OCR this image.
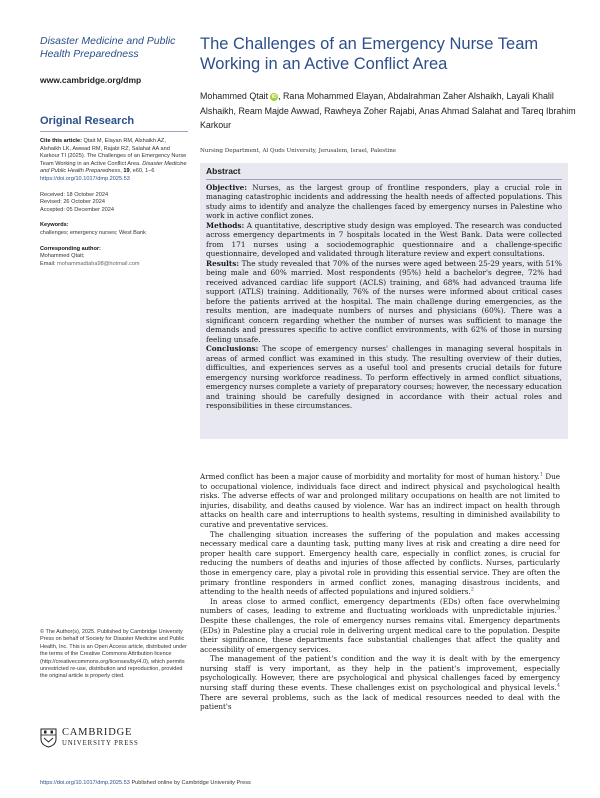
Disaster Medicine and Public Health Preparedness
www.cambridge.org/dmp
Original Research
Cite this article: Qtait M, Elayan RM, Alshaikh AZ, Alshaikh LK, Awwad RM, Rajabi RZ, Salahat AA and Karkour TI (2025). The Challenges of an Emergency Nurse Team Working in an Active Conflict Area. Disaster Medicine and Public Health Preparedness, 19, e60, 1–6
https://doi.org/10.1017/dmp.2025.53
Received: 18 October 2024
Revised: 26 October 2024
Accepted: 05 December 2024
Keywords:
challenges; emergency nurses; West Bank
Corresponding author:
Mohammed Qtait;
Email: mohammadtaha98@hotmail.com
© The Author(s), 2025. Published by Cambridge University Press on behalf of Society for Disaster Medicine and Public Health, Inc. This is an Open Access article, distributed under the terms of the Creative Commons Attribution licence (http://creativecommons.org/licenses/by/4.0), which permits unrestricted re-use, distribution and reproduction, provided the original article is properly cited.
CAMBRIDGE
UNIVERSITY PRESS
https://doi.org/10.1017/dmp.2025.53 Published online by Cambridge University Press
The Challenges of an Emergency Nurse Team Working in an Active Conflict Area
Mohammed Qtait iD , Rana Mohammed Elayan, Abdalrahman Zaher Alshaikh, Layali Khalil Alshaikh, Ream Majde Awwad, Rawheya Zoher Rajabi, Anas Ahmad Salahat and Tareq Ibrahim Karkour
Nursing Department, Al Quds University, Jerusalem, Israel, Palestine
Abstract

Objective: Nurses, as the largest group of frontline responders, play a crucial role in managing catastrophic incidents and addressing the health needs of affected populations. This study aims to identify and analyze the challenges faced by emergency nurses in Palestine who work in active conflict zones.

Methods: A quantitative, descriptive study design was employed. The research was conducted across emergency departments in 7 hospitals located in the West Bank. Data were collected from 171 nurses using a sociodemographic questionnaire and a challenge-specific questionnaire, developed and validated through literature review and expert consultations.

Results: The study revealed that 70% of the nurses were aged between 25-29 years, with 51% being male and 60% married. Most respondents (95%) held a bachelor's degree, 72% had received advanced cardiac life support (ACLS) training, and 68% had advanced trauma life support (ATLS) training. Additionally, 76% of the nurses were informed about critical cases before the patients arrived at the hospital. The main challenge during emergencies, as the results mention, are inadequate numbers of nurses and physicians (60%). There was a significant concern regarding whether the number of nurses was sufficient to manage the demands and pressures specific to active conflict environments, with 62% of those in nursing feeling unsafe.

Conclusions: The scope of emergency nurses' challenges in managing several hospitals in areas of armed conflict was examined in this study. The resulting overview of their duties, difficulties, and experiences serves as a useful tool and presents crucial details for future emergency nursing workforce readiness. To perform effectively in armed conflict situations, emergency nurses complete a variety of preparatory courses; however, the necessary education and training should be carefully designed in accordance with their actual roles and responsibilities in these circumstances.

Armed conflict has been a major cause of morbidity and mortality for most of human history.$^1$ Due to occupational violence, individuals face direct and indirect physical and psychological health risks. The adverse effects of war and prolonged military occupations on health are not limited to injuries, disability, and deaths caused by violence. War has an indirect impact on health through attacks on health care and interruptions to health systems, resulting in diminished availability to curative and preventative services.

The challenging situation increases the suffering of the population and makes accessing necessary medical care a daunting task, putting many lives at risk and creating a dire need for proper health care support. Emergency health care, especially in conflict zones, is crucial for reducing the numbers of deaths and injuries of those affected by conflicts. Nurses, particularly those in emergency care, play a pivotal role in providing this essential service. They are often the primary frontline responders in armed conflict zones, managing disastrous incidents, and attending to the health needs of affected populations and injured soldiers.$^2$

In areas close to armed conflict, emergency departments (EDs) often face overwhelming numbers of cases, leading to extreme and fluctuating workloads with unpredictable injuries.$^3$ Despite these challenges, the role of emergency nurses remains vital. Emergency departments (EDs) in Palestine play a crucial role in delivering urgent medical care to the population. Despite their significance, these departments face substantial challenges that affect the quality and accessibility of emergency services.

The management of the patient's condition and the way it is dealt with by the emergency nursing staff is very important, as they help in the patient's improvement, especially psychologically. However, there are psychological and physical challenges faced by emergency nursing staff during these events. These challenges exist on psychological and physical levels.$^4$ There are several problems, such as the lack of medical resources needed to deal with the patient's
